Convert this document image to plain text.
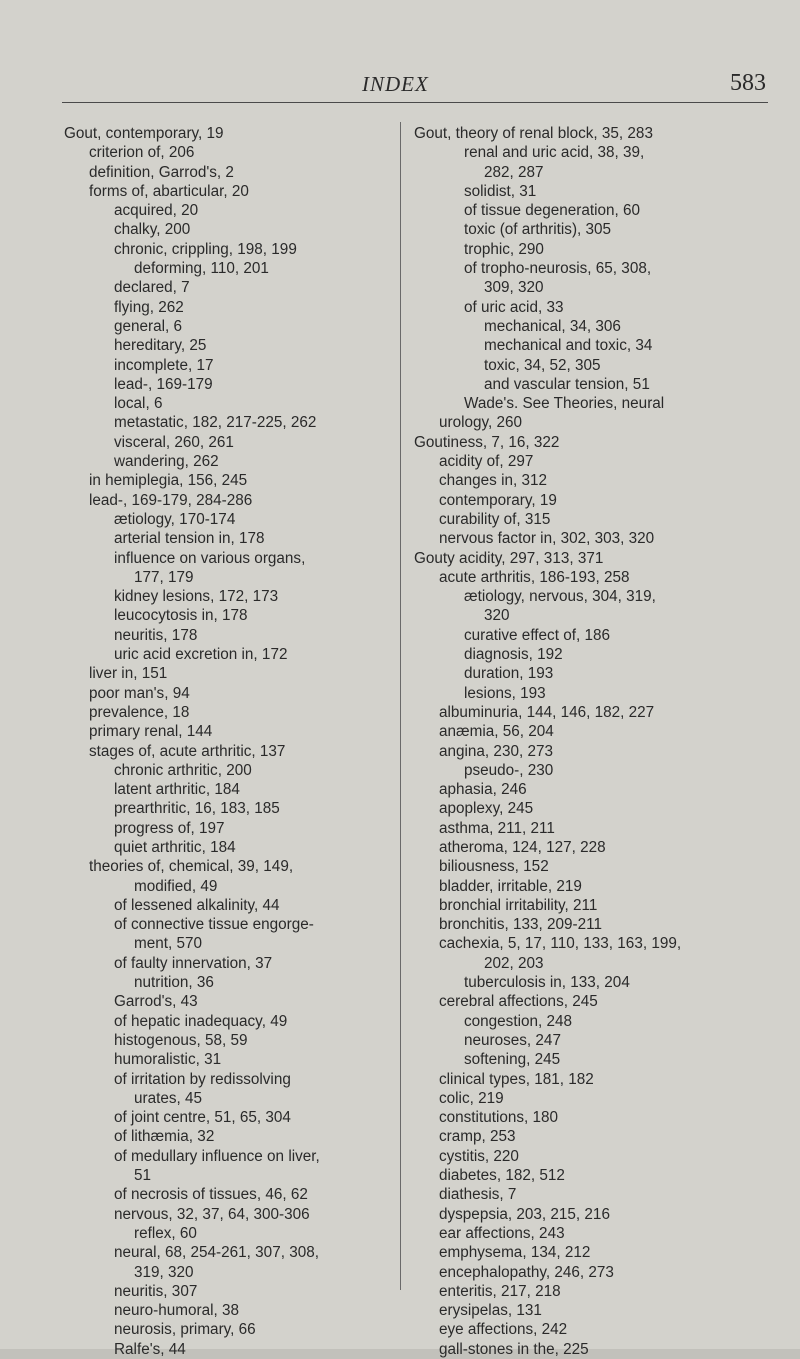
INDEX	583
Gout, contemporary, 19
criterion of, 206
definition, Garrod's, 2
forms of, abarticular, 20
acquired, 20
chalky, 200
chronic, crippling, 198, 199
deforming, 110, 201
declared, 7
flying, 262
general, 6
hereditary, 25
incomplete, 17
lead-, 169-179
local, 6
metastatic, 182, 217-225, 262
visceral, 260, 261
wandering, 262
in hemiplegia, 156, 245
lead-, 169-179, 284-286
ætiology, 170-174
arterial tension in, 178
influence on various organs,
177, 179
kidney lesions, 172, 173
leucocytosis in, 178
neuritis, 178
uric acid excretion in, 172
liver in, 151
poor man's, 94
prevalence, 18
primary renal, 144
stages of, acute arthritic, 137
chronic arthritic, 200
latent arthritic, 184
prearthritic, 16, 183, 185
progress of, 197
quiet arthritic, 184
theories of, chemical, 39, 149,
modified, 49
of lessened alkalinity, 44
of connective tissue engorge-
ment, 570
of faulty innervation, 37
nutrition, 36
Garrod's, 43
of hepatic inadequacy, 49
histogenous, 58, 59
humoralistic, 31
of irritation by redissolving
urates, 45
of joint centre, 51, 65, 304
of lithæmia, 32
of medullary influence on liver,
51
of necrosis of tissues, 46, 62
nervous, 32, 37, 64, 300-306
reflex, 60
neural, 68, 254-261, 307, 308,
319, 320
neuritis, 307
neuro-humoral, 38
neurosis, primary, 66
Ralfe's, 44
Gout, theory of renal block, 35, 283
renal and uric acid, 38, 39,
282, 287
solidist, 31
of tissue degeneration, 60
toxic (of arthritis), 305
trophic, 290
of tropho-neurosis, 65, 308,
309, 320
of uric acid, 33
mechanical, 34, 306
mechanical and toxic, 34
toxic, 34, 52, 305
and vascular tension, 51
Wade's. See Theories, neural
urology, 260
Goutiness, 7, 16, 322
acidity of, 297
changes in, 312
contemporary, 19
curability of, 315
nervous factor in, 302, 303, 320
Gouty acidity, 297, 313, 371
acute arthritis, 186-193, 258
ætiology, nervous, 304, 319,
320
curative effect of, 186
diagnosis, 192
duration, 193
lesions, 193
albuminuria, 144, 146, 182, 227
anæmia, 56, 204
angina, 230, 273
pseudo-, 230
aphasia, 246
apoplexy, 245
asthma, 211, 211
atheroma, 124, 127, 228
biliousness, 152
bladder, irritable, 219
bronchial irritability, 211
bronchitis, 133, 209-211
cachexia, 5, 17, 110, 133, 163, 199,
202, 203
tuberculosis in, 133, 204
cerebral affections, 245
congestion, 248
neuroses, 247
softening, 245
clinical types, 181, 182
colic, 219
constitutions, 180
cramp, 253
cystitis, 220
diabetes, 182, 512
diathesis, 7
dyspepsia, 203, 215, 216
ear affections, 243
emphysema, 134, 212
encephalopathy, 246, 273
enteritis, 217, 218
erysipelas, 131
eye affections, 242
gall-stones in the, 225
